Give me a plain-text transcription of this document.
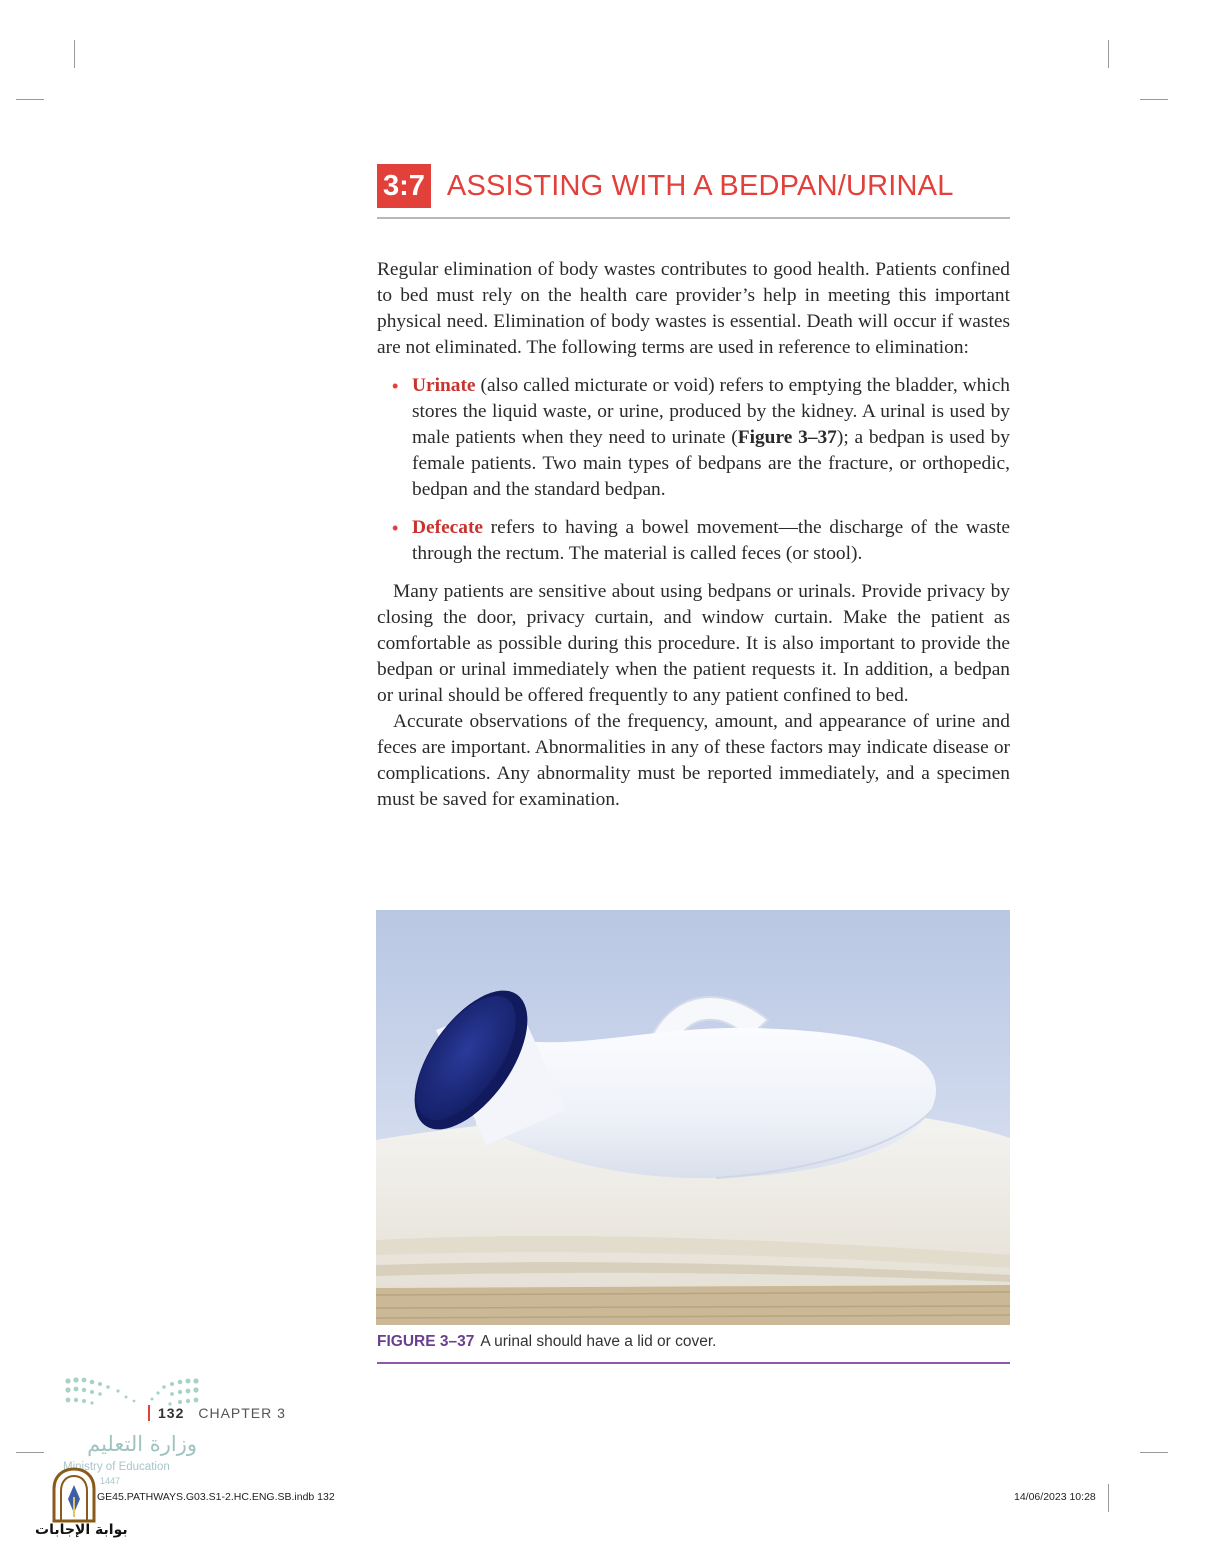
3:7 ASSISTING WITH A BEDPAN/URINAL

Regular elimination of body wastes contributes to good health. Patients confined to bed must rely on the health care provider’s help in meeting this important physical need. Elimination of body wastes is essential. Death will occur if wastes are not eliminated. The following terms are used in reference to elimination:

• Urinate (also called micturate or void) refers to emptying the bladder, which stores the liquid waste, or urine, produced by the kidney. A urinal is used by male patients when they need to urinate (Figure 3–37); a bedpan is used by female patients. Two main types of bedpans are the fracture, or orthopedic, bedpan and the standard bedpan.
• Defecate refers to having a bowel movement—the discharge of the waste through the rectum. The material is called feces (or stool).

Many patients are sensitive about using bedpans or urinals. Provide privacy by closing the door, privacy curtain, and window curtain. Make the patient as comfortable as possible during this procedure. It is also important to provide the bedpan or urinal immediately when the patient requests it. In addition, a bedpan or urinal should be offered frequently to any patient confined to bed.

Accurate observations of the frequency, amount, and appearance of urine and feces are important. Abnormalities in any of these factors may indicate disease or complications. Any abnormality must be reported immediately, and a specimen must be saved for examination.

FIGURE 3–37 A urinal should have a lid or cover.
132 CHAPTER 3
وزارة التعليم
Ministry of Education
1447
GE45.PATHWAYS.G03.S1-2.HC.ENG.SB.indb 132	14/06/2023 10:28
بوابة الإجابات
